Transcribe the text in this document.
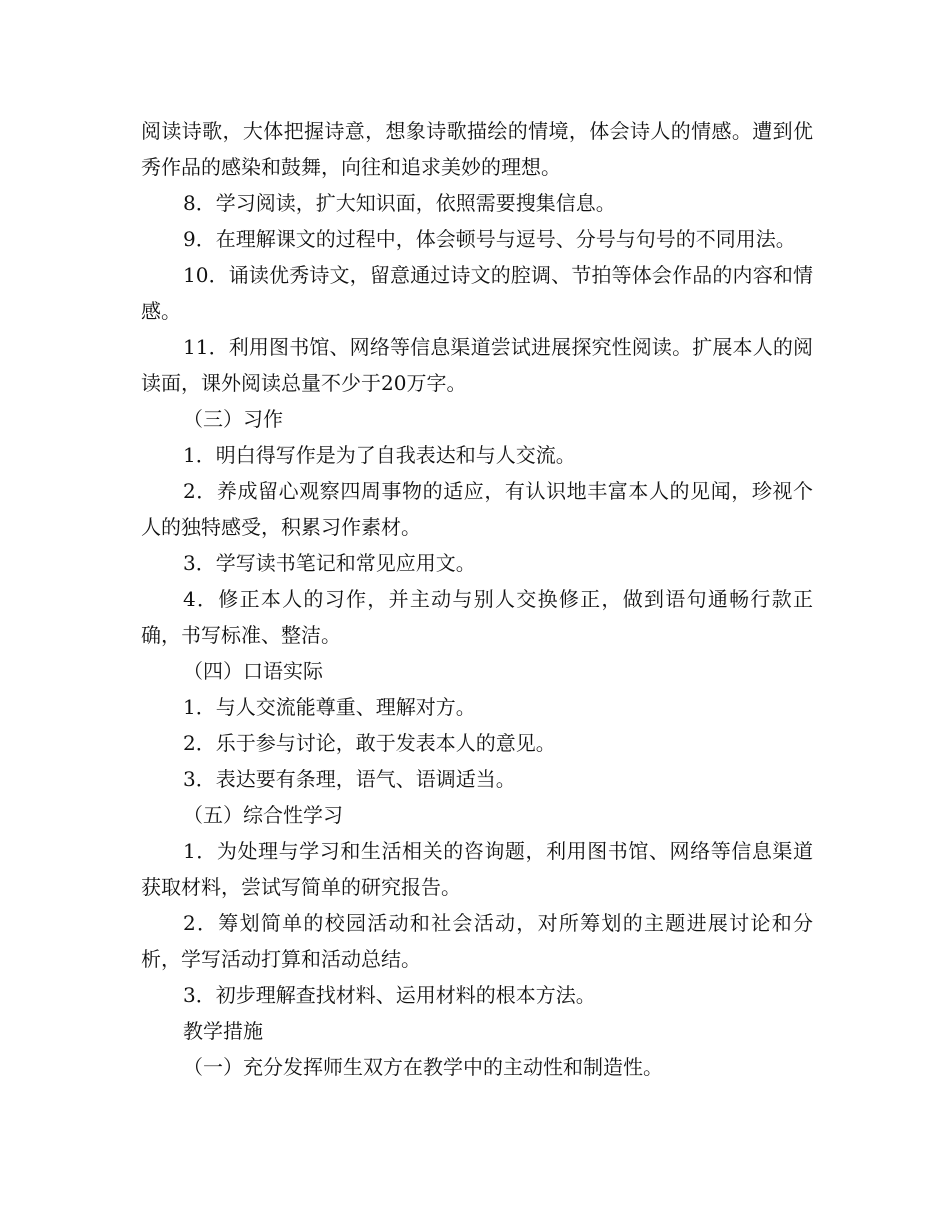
阅读诗歌，大体把握诗意，想象诗歌描绘的情境，体会诗人的情感。遭到优秀作品的感染和鼓舞，向往和追求美妙的理想。

8．学习阅读，扩大知识面，依照需要搜集信息。

9．在理解课文的过程中，体会顿号与逗号、分号与句号的不同用法。

10．诵读优秀诗文，留意通过诗文的腔调、节拍等体会作品的内容和情感。

11．利用图书馆、网络等信息渠道尝试进展探究性阅读。扩展本人的阅读面，课外阅读总量不少于20万字。

（三）习作

1．明白得写作是为了自我表达和与人交流。

2．养成留心观察四周事物的适应，有认识地丰富本人的见闻，珍视个人的独特感受，积累习作素材。

3．学写读书笔记和常见应用文。

4．修正本人的习作，并主动与别人交换修正，做到语句通畅行款正确，书写标准、整洁。

（四）口语实际

1．与人交流能尊重、理解对方。

2．乐于参与讨论，敢于发表本人的意见。

3．表达要有条理，语气、语调适当。

（五）综合性学习

1．为处理与学习和生活相关的咨询题，利用图书馆、网络等信息渠道获取材料，尝试写简单的研究报告。

2．筹划简单的校园活动和社会活动，对所筹划的主题进展讨论和分析，学写活动打算和活动总结。

3．初步理解查找材料、运用材料的根本方法。

教学措施

（一）充分发挥师生双方在教学中的主动性和制造性。
